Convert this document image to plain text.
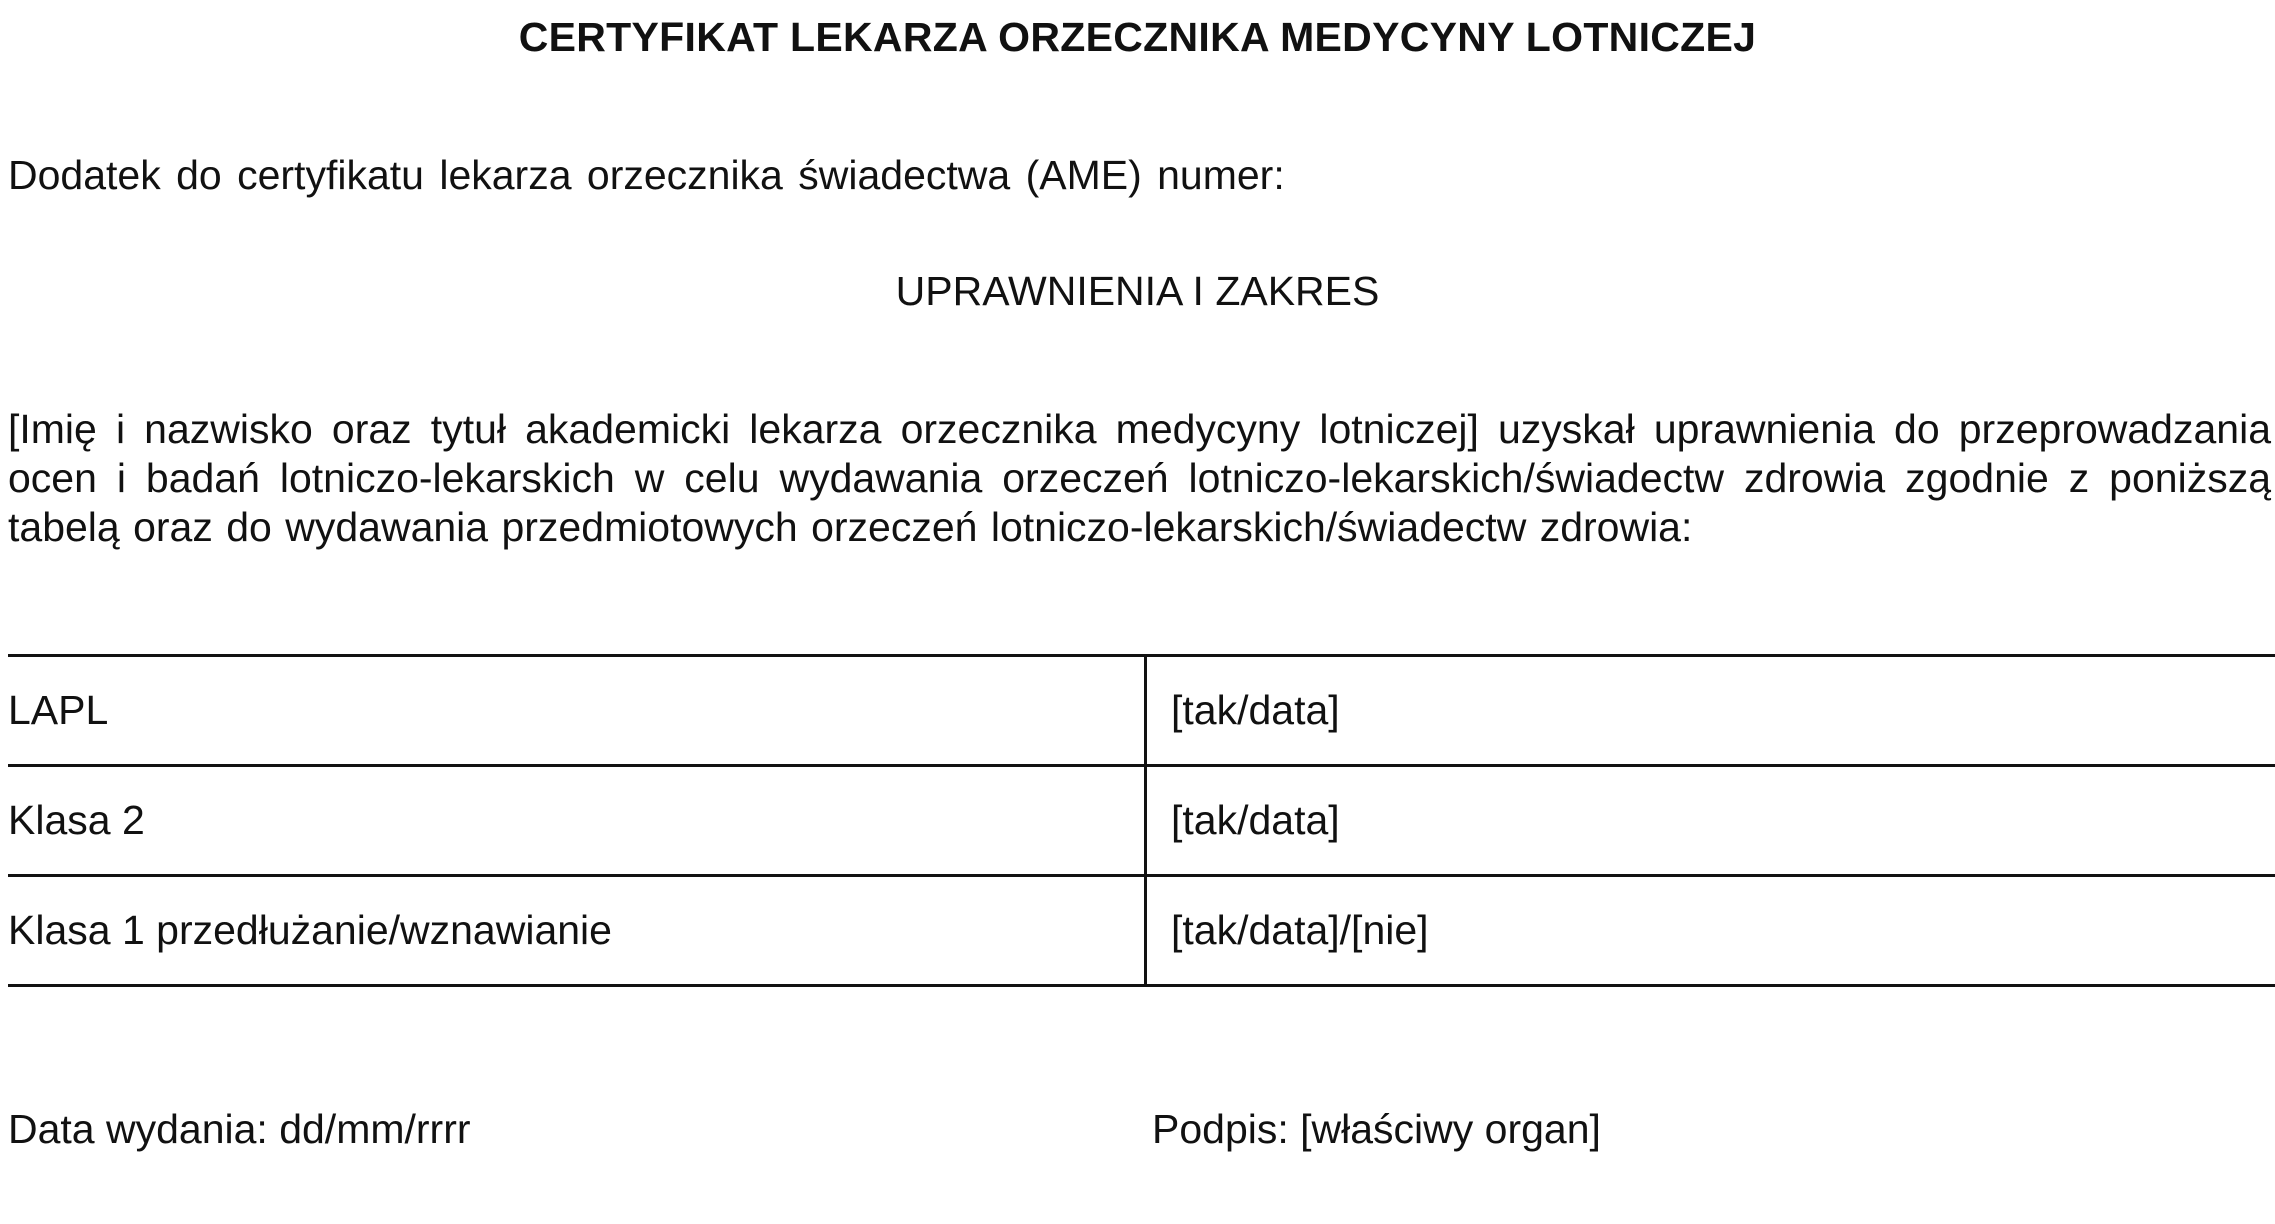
CERTYFIKAT LEKARZA ORZECZNIKA MEDYCYNY LOTNICZEJ
Dodatek do certyfikatu lekarza orzecznika świadectwa (AME) numer:
UPRAWNIENIA I ZAKRES
[Imię i nazwisko oraz tytuł akademicki lekarza orzecznika medycyny lotniczej] uzyskał uprawnienia do przeprowadzania ocen i badań lotniczo-lekarskich w celu wydawania orzeczeń lotniczo-lekarskich/świadectw zdrowia zgodnie z poniższą tabelą oraz do wydawania przedmiotowych orzeczeń lotniczo-lekarskich/świadectw zdrowia:
LAPL	[tak/data]
Klasa 2	[tak/data]
Klasa 1 przedłużanie/wznawianie	[tak/data]/[nie]
Data wydania: dd/mm/rrrr	Podpis: [właściwy organ]
